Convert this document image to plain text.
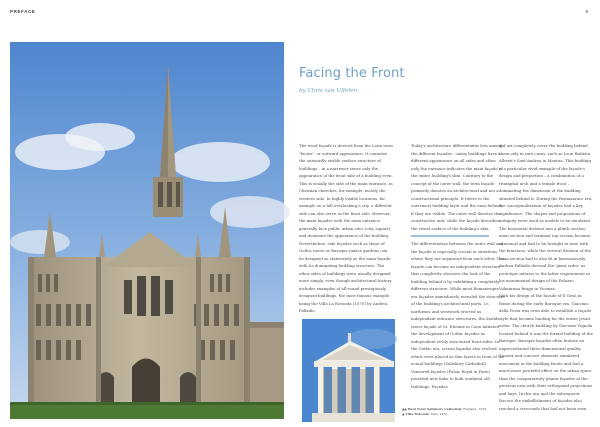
PREFACE	9
Facing the Front
by Chris van Uffelen

The word façade is derived from the Latin term "facies", or outward appearance. It connotes the outwardly visible surface structure of buildings – in a narrower sense only the appearance of the front side of a building even. This is usually the side of the main entrance, in Christian churches, for example, mostly the western side. In highly visible locations, for example on a hill overlooking a city, a different side can also serve as the front side. However, the main façades with the main entrance generally face public urban sites (city, square) and dominate the appearance of the building. Nevertheless, side façades such as those of Gothic naves or Baroque palace gardens can be designed as elaborately as the main façade with its dominating building structure. The other sides of buildings were usually designed more simply, even though architectural history includes examples of all-round prestigiously designed buildings, the most famous example being the Villa La Rotonda (1570) by Andrea Palladio.

Today's architecture differentiates less among the different façades – many buildings have a different appearance on all sides and often only the entrance indicates the main façade of the entire building's skin. Contrary to the concept of the outer wall, the term façade primarily denotes an architectural and not a constructional principle. It refers to the outermost building layer and the ones behind, if they are visible. The outer wall denotes the constructive unit, while the façade describes the visual surface of the building's skin.

The differentiation between the outer wall and the façade is especially crucial in situations where they are separated from each other. The façade can become an independent structure that completely obscures the look of the building behind it by exhibiting a completely different structure. While most Romanesque era façades immediately revealed the structure of the building's architectural parts, i.e. narthexes and westwork erected as independent entrance structures, the double tower façade of St. Etienne in Caen initiated the development of Gothic façades as independent richly structured front sides. In the Gothic era, screen façades also evolved, which were placed as thin layers in front of the actual buildings (Salisbury Cathedral). Veneered façades (Palais Royal in Paris) provided new links to both outdated old buildings. Façades

did not completely cover the building behind them only in rare cases, such as Leon Battista Alberti's Sant'Andrea in Mantua. This building is a particular vivid example of the façade's design and proportion – a combination of a triumphal arch and a temple front – dominating the dimension of the building situated behind it. During the Renaissance era, the conceptualization of façades had a key significance. The shapes and proportions of antiquity were used as models to be emulated. The horizontal division into a plinth section, main section and terminal top section became canonical and had to be brought in tune with the functions, while the vertical division of the main section had to also fit in harmoniously. Andrea Palladio devised the 'giant order' as prototype inferior to the latter requirement in his monumental design of the Palazzo Valmarana Braga in Vicenza.

With his design of the façade of Il Gesù in Rome during the early Baroque era, Giacomo della Porta was even able to establish a façade style that became binding for the entire Jesuit order. The church building by Giacomo Vignola located behind it was the formal building of the Baroque. Baroque façades often feature an unprecedented three-dimensional quality. Convex and concave elements simulated movement in the building fronts and had a much more powerful effect on the urban space than the comparatively planar façades of the previous eras with their orthogonal projections and bays. In this era and the subsequent Rococo the embellishment of façades also reached a crescendo that had not been seen

▲▲ West front Salisbury Cathedral, England, 1258
▲ Villa Rotonda, Italy, 1570
